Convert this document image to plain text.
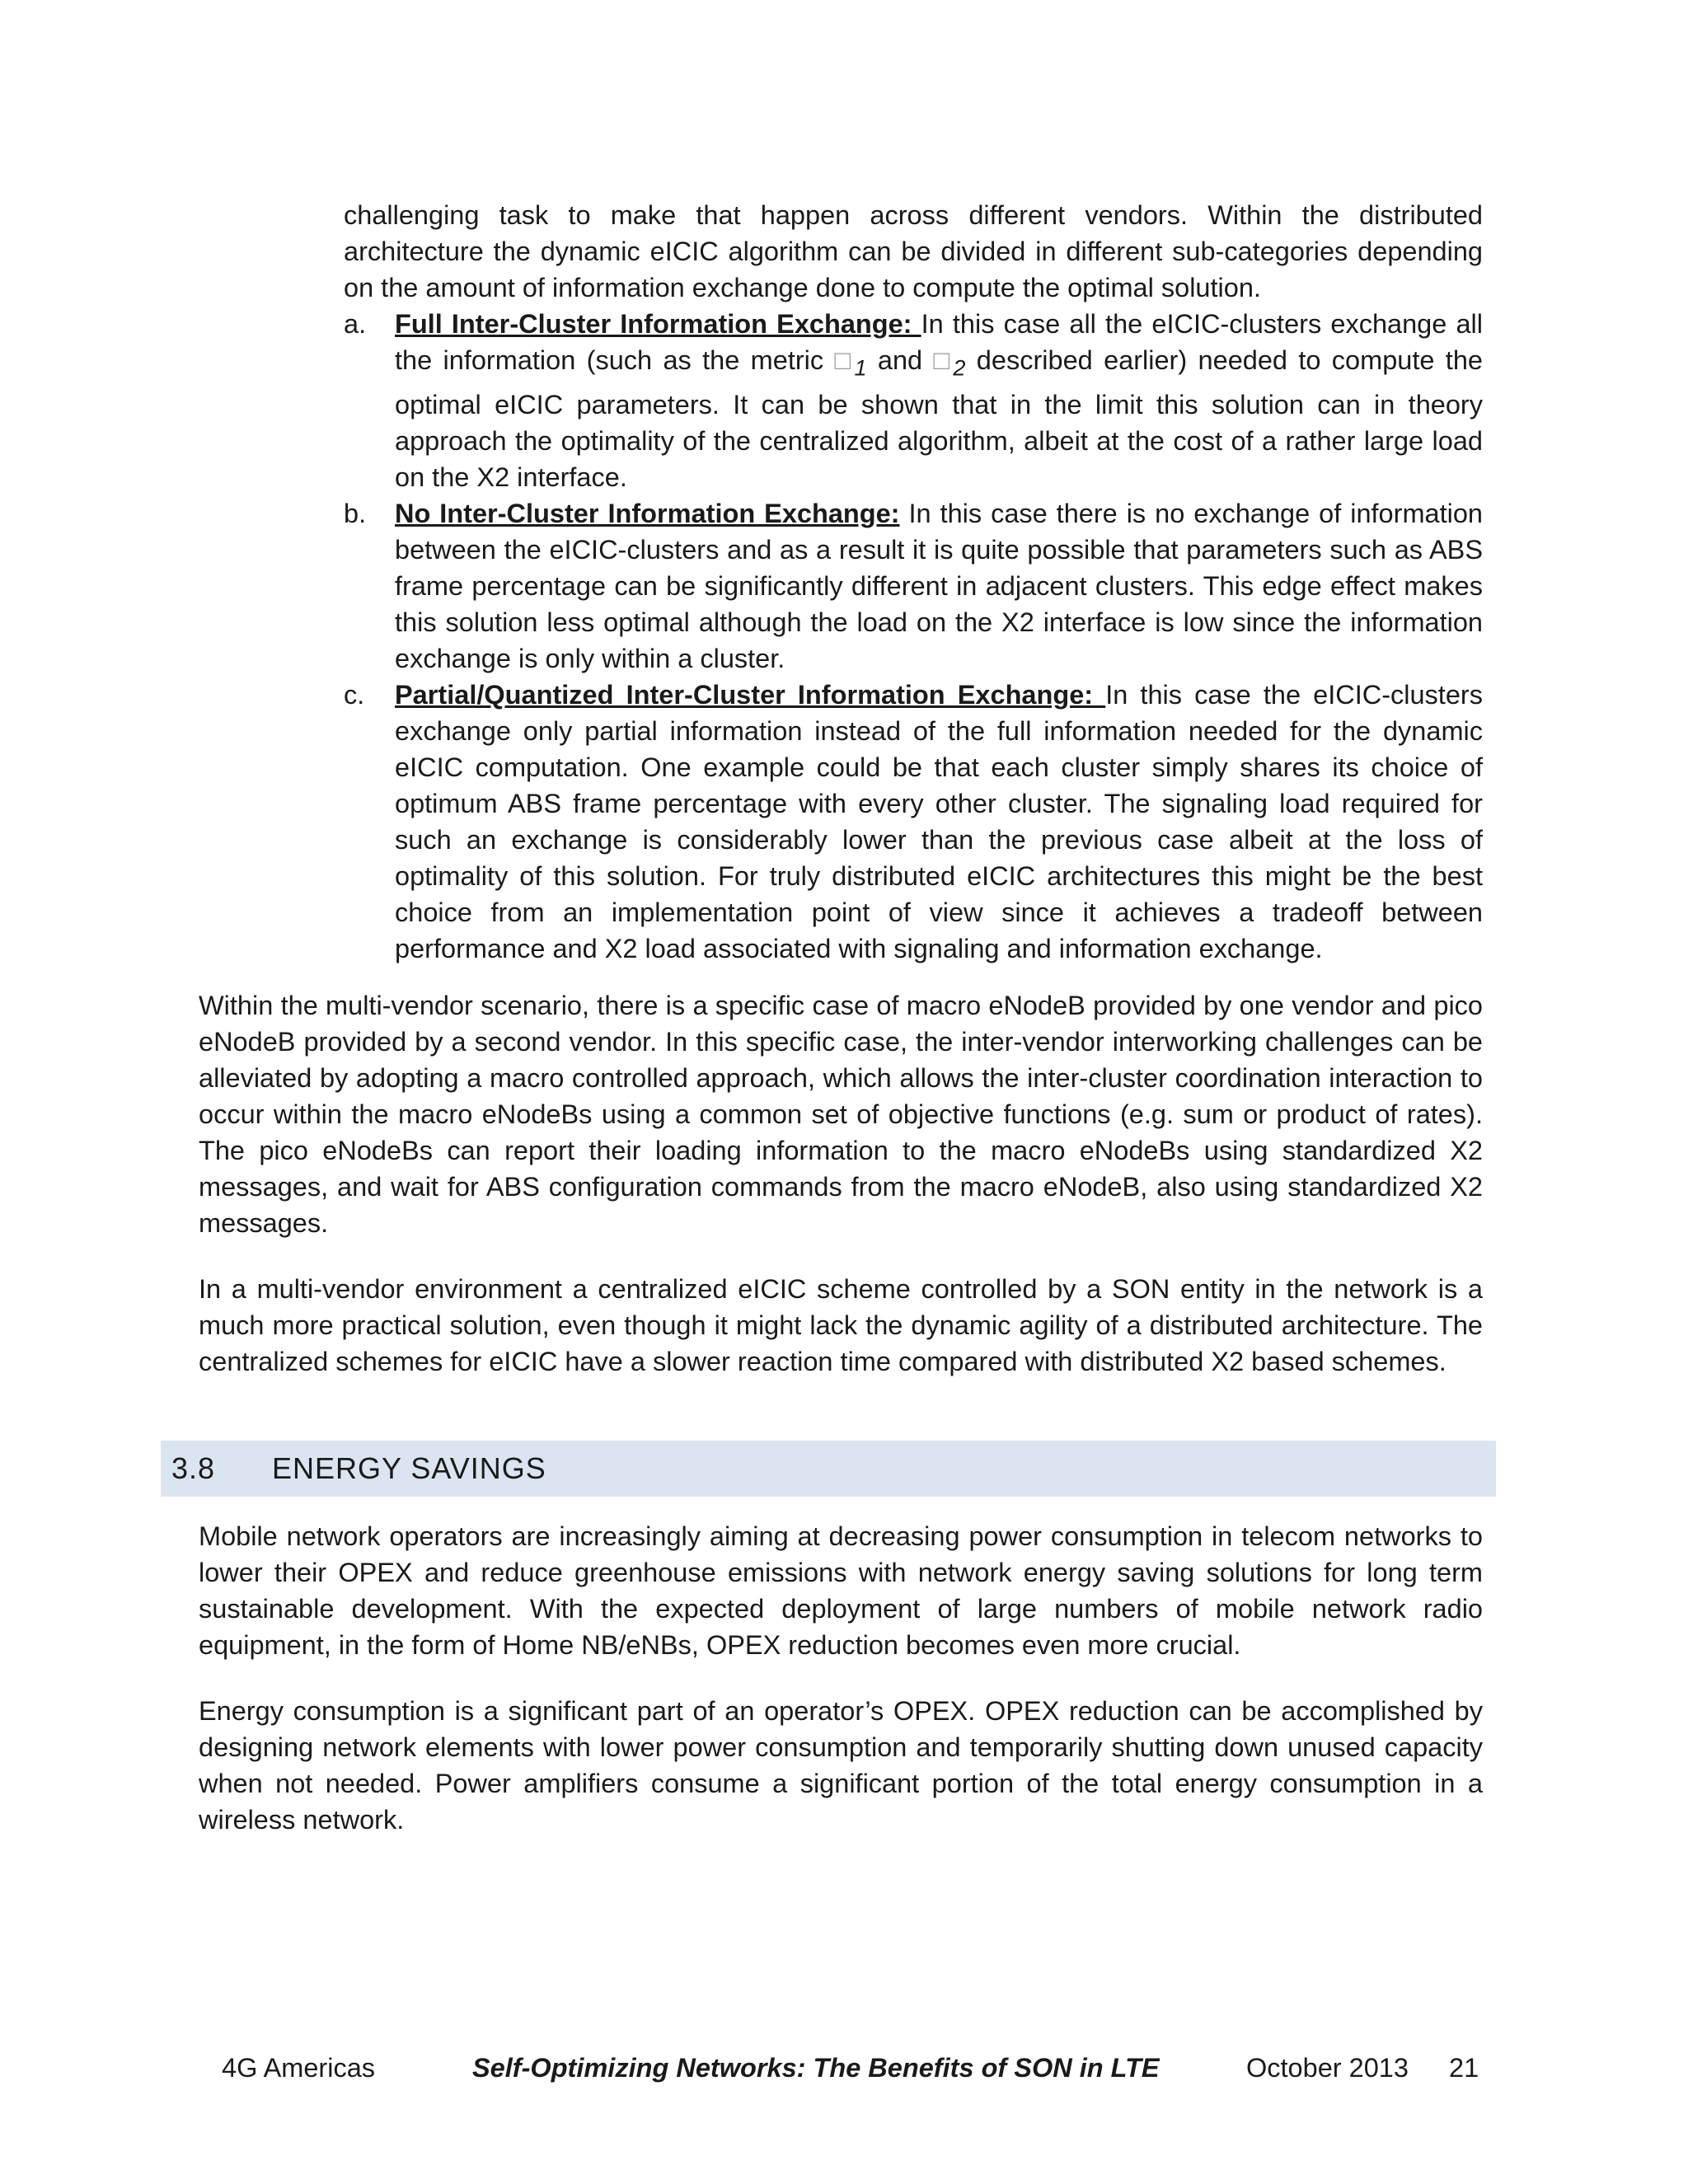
challenging task to make that happen across different vendors. Within the distributed architecture the dynamic eICIC algorithm can be divided in different sub-categories depending on the amount of information exchange done to compute the optimal solution.
a.	Full Inter-Cluster Information Exchange: In this case all the eICIC-clusters exchange all the information (such as the metric $□_1$ and $□_2$ described earlier) needed to compute the optimal eICIC parameters. It can be shown that in the limit this solution can in theory approach the optimality of the centralized algorithm, albeit at the cost of a rather large load on the X2 interface.
b.	No Inter-Cluster Information Exchange: In this case there is no exchange of information between the eICIC-clusters and as a result it is quite possible that parameters such as ABS frame percentage can be significantly different in adjacent clusters. This edge effect makes this solution less optimal although the load on the X2 interface is low since the information exchange is only within a cluster.
c.	Partial/Quantized Inter-Cluster Information Exchange: In this case the eICIC-clusters exchange only partial information instead of the full information needed for the dynamic eICIC computation. One example could be that each cluster simply shares its choice of optimum ABS frame percentage with every other cluster. The signaling load required for such an exchange is considerably lower than the previous case albeit at the loss of optimality of this solution. For truly distributed eICIC architectures this might be the best choice from an implementation point of view since it achieves a tradeoff between performance and X2 load associated with signaling and information exchange.
Within the multi-vendor scenario, there is a specific case of macro eNodeB provided by one vendor and pico eNodeB provided by a second vendor. In this specific case, the inter-vendor interworking challenges can be alleviated by adopting a macro controlled approach, which allows the inter-cluster coordination interaction to occur within the macro eNodeBs using a common set of objective functions (e.g. sum or product of rates). The pico eNodeBs can report their loading information to the macro eNodeBs using standardized X2 messages, and wait for ABS configuration commands from the macro eNodeB, also using standardized X2 messages.
In a multi-vendor environment a centralized eICIC scheme controlled by a SON entity in the network is a much more practical solution, even though it might lack the dynamic agility of a distributed architecture. The centralized schemes for eICIC have a slower reaction time compared with distributed X2 based schemes.
3.8	ENERGY SAVINGS
Mobile network operators are increasingly aiming at decreasing power consumption in telecom networks to lower their OPEX and reduce greenhouse emissions with network energy saving solutions for long term sustainable development. With the expected deployment of large numbers of mobile network radio equipment, in the form of Home NB/eNBs, OPEX reduction becomes even more crucial.
Energy consumption is a significant part of an operator’s OPEX. OPEX reduction can be accomplished by designing network elements with lower power consumption and temporarily shutting down unused capacity when not needed. Power amplifiers consume a significant portion of the total energy consumption in a wireless network.
4G Americas	Self-Optimizing Networks: The Benefits of SON in LTE	October 2013 21
